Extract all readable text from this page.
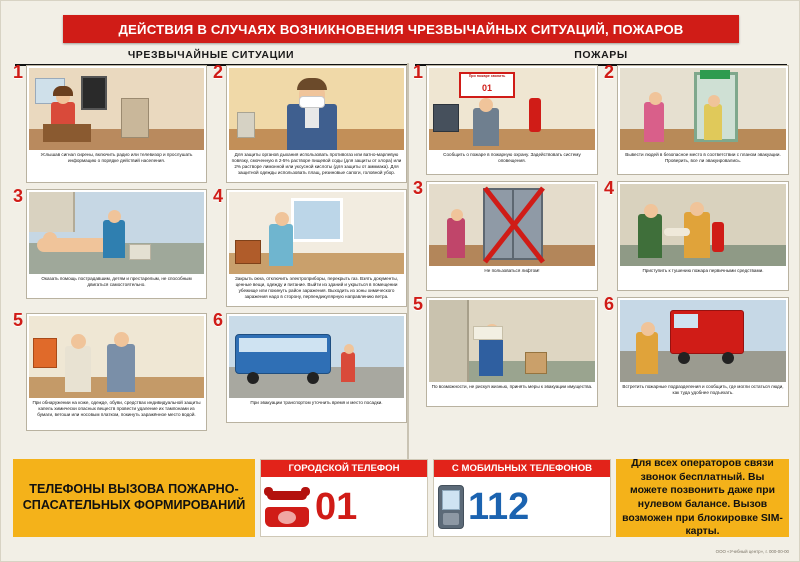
ДЕЙСТВИЯ В СЛУЧАЯХ ВОЗНИКНОВЕНИЯ ЧРЕЗВЫЧАЙНЫХ СИТУАЦИЙ, ПОЖАРОВ
ЧРЕЗВЫЧАЙНЫЕ СИТУАЦИИ	ПОЖАРЫ
1
Услышав сигнал сирены, включить радио или телевизор и прослушать информацию о порядке действий населения.
2
Для защиты органов дыхания использовать противогаз или ватно-марлевую повязку, смоченную в 2-5% растворе пищевой соды (для защиты от хлора) или 2% растворе лимонной или уксусной кислоты (для защиты от аммиака). Для защитной одежды использовать плащ, резиновые сапоги, головной убор.
3
Оказать помощь пострадавшим, детям и престарелым, не способным двигаться самостоятельно.
4
Закрыть окна, отключить электроприборы, перекрыть газ. Взять документы, ценные вещи, одежду и питание. Выйти из зданий и укрыться в помещении убежище или покинуть район заражения. Выходить из зоны химического заражения надо в сторону, перпендикулярную направлению ветра.
5
При обнаружении на коже, одежде, обуви, средствах индивидуальной защиты капель химически опасных веществ провести удаление их тампонами из бумаги, ветоши или носовым платком, покинуть заражённое место водой.
6
При эвакуации транспортом уточнить время и место посадки.
1	При пожаре звонить
01
Сообщить о пожаре в пожарную охрану. Задействовать систему оповещения.
2
Вывести людей в безопасное место в соответствии с планом эвакуации. Проверить, все ли эвакуировались.
3
Не пользоваться лифтом!
4
Приступить к тушению пожара первичными средствами.
5
По возможности, не рискуя жизнью, принять меры к эвакуации имущества.
6
Встретить пожарные подразделения и сообщить, где могли остаться люди, как туда удобнее подъехать.
ТЕЛЕФОНЫ ВЫЗОВА ПОЖАРНО-СПАСАТЕЛЬНЫХ ФОРМИРОВАНИЙ
ГОРОДСКОЙ ТЕЛЕФОН
01
С МОБИЛЬНЫХ ТЕЛЕФОНОВ
112
Для всех операторов связи звонок бесплатный. Вы можете позвонить даже при нулевом балансе. Вызов возможен при блокировке SIM-карты.
ООО «Учебный центр», г. 000-00-00
